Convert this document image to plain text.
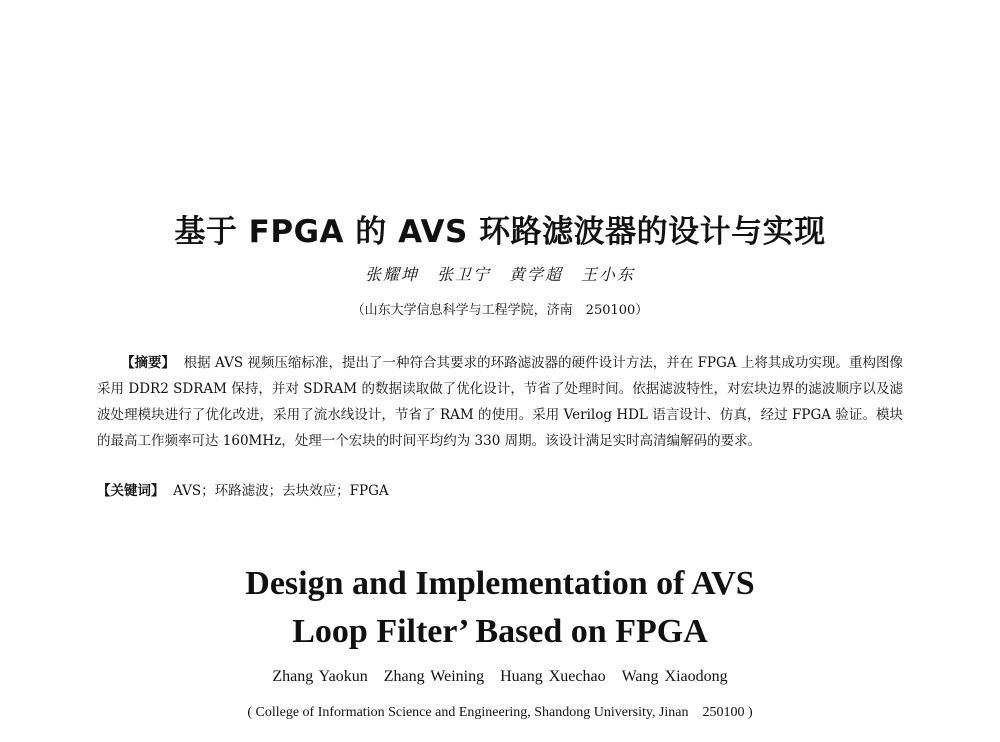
基于 FPGA 的 AVS 环路滤波器的设计与实现
张耀坤　张卫宁　黄学超　王小东
（山东大学信息科学与工程学院，济南　250100）
【摘要】 根据 AVS 视频压缩标准，提出了一种符合其要求的环路滤波器的硬件设计方法，并在 FPGA 上将其成功实现。重构图像采用 DDR2 SDRAM 保持，并对 SDRAM 的数据读取做了优化设计，节省了处理时间。依据滤波特性，对宏块边界的滤波顺序以及滤波处理模块进行了优化改进，采用了流水线设计，节省了 RAM 的使用。采用 Verilog HDL 语言设计、仿真，经过 FPGA 验证。模块的最高工作频率可达 160MHz，处理一个宏块的时间平均约为 330 周期。该设计满足实时高清编解码的要求。
【关键词】 AVS；环路滤波；去块效应；FPGA
Design and Implementation of AVS
Loop Filter’ Based on FPGA
Zhang Yaokun　Zhang Weining　Huang Xuechao　Wang Xiaodong
( College of Information Science and Engineering, Shandong University, Jinan　250100 )
